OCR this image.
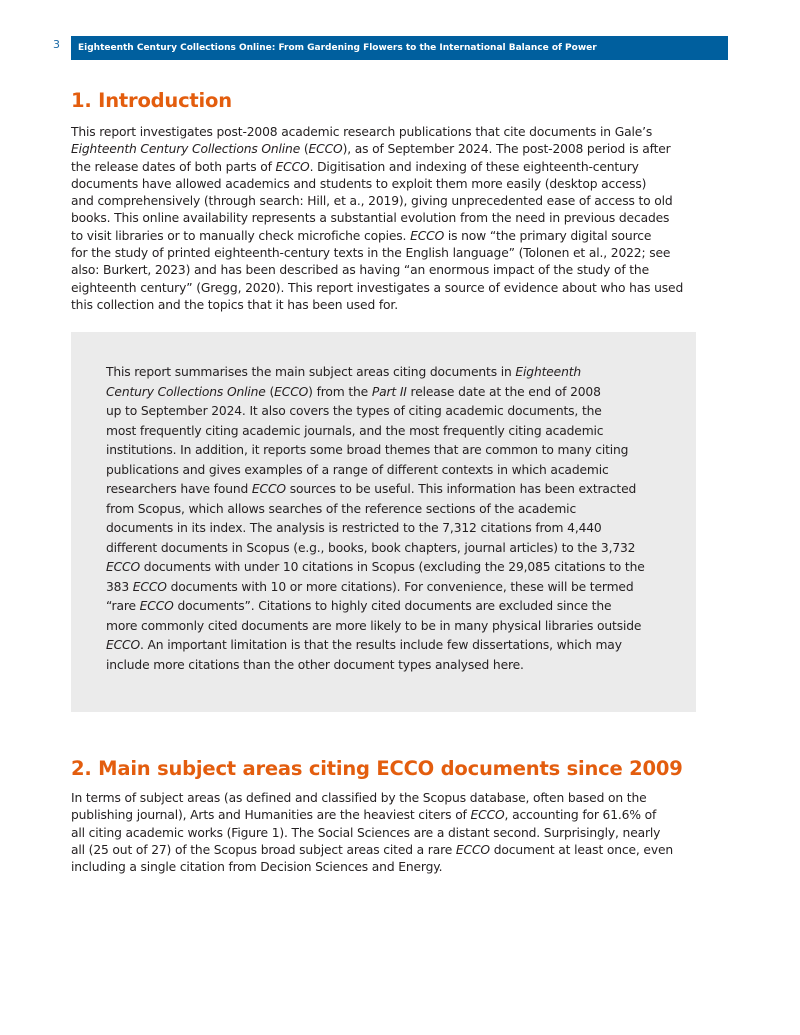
3	Eighteenth Century Collections Online: From Gardening Flowers to the International Balance of Power
1. Introduction
This report investigates post-2008 academic research publications that cite documents in Gale’s
Eighteenth Century Collections Online (ECCO), as of September 2024. The post-2008 period is after
the release dates of both parts of ECCO. Digitisation and indexing of these eighteenth-century
documents have allowed academics and students to exploit them more easily (desktop access)
and comprehensively (through search: Hill, et a., 2019), giving unprecedented ease of access to old
books. This online availability represents a substantial evolution from the need in previous decades
to visit libraries or to manually check microfiche copies. ECCO is now “the primary digital source
for the study of printed eighteenth-century texts in the English language” (Tolonen et al., 2022; see
also: Burkert, 2023) and has been described as having “an enormous impact of the study of the
eighteenth century” (Gregg, 2020). This report investigates a source of evidence about who has used
this collection and the topics that it has been used for.
This report summarises the main subject areas citing documents in Eighteenth
Century Collections Online (ECCO) from the Part II release date at the end of 2008
up to September 2024. It also covers the types of citing academic documents, the
most frequently citing academic journals, and the most frequently citing academic
institutions. In addition, it reports some broad themes that are common to many citing
publications and gives examples of a range of different contexts in which academic
researchers have found ECCO sources to be useful. This information has been extracted
from Scopus, which allows searches of the reference sections of the academic
documents in its index. The analysis is restricted to the 7,312 citations from 4,440
different documents in Scopus (e.g., books, book chapters, journal articles) to the 3,732
ECCO documents with under 10 citations in Scopus (excluding the 29,085 citations to the
383 ECCO documents with 10 or more citations). For convenience, these will be termed
“rare ECCO documents”. Citations to highly cited documents are excluded since the
more commonly cited documents are more likely to be in many physical libraries outside
ECCO. An important limitation is that the results include few dissertations, which may
include more citations than the other document types analysed here.
2. Main subject areas citing ECCO documents since 2009
In terms of subject areas (as defined and classified by the Scopus database, often based on the
publishing journal), Arts and Humanities are the heaviest citers of ECCO, accounting for 61.6% of
all citing academic works (Figure 1). The Social Sciences are a distant second. Surprisingly, nearly
all (25 out of 27) of the Scopus broad subject areas cited a rare ECCO document at least once, even
including a single citation from Decision Sciences and Energy.
